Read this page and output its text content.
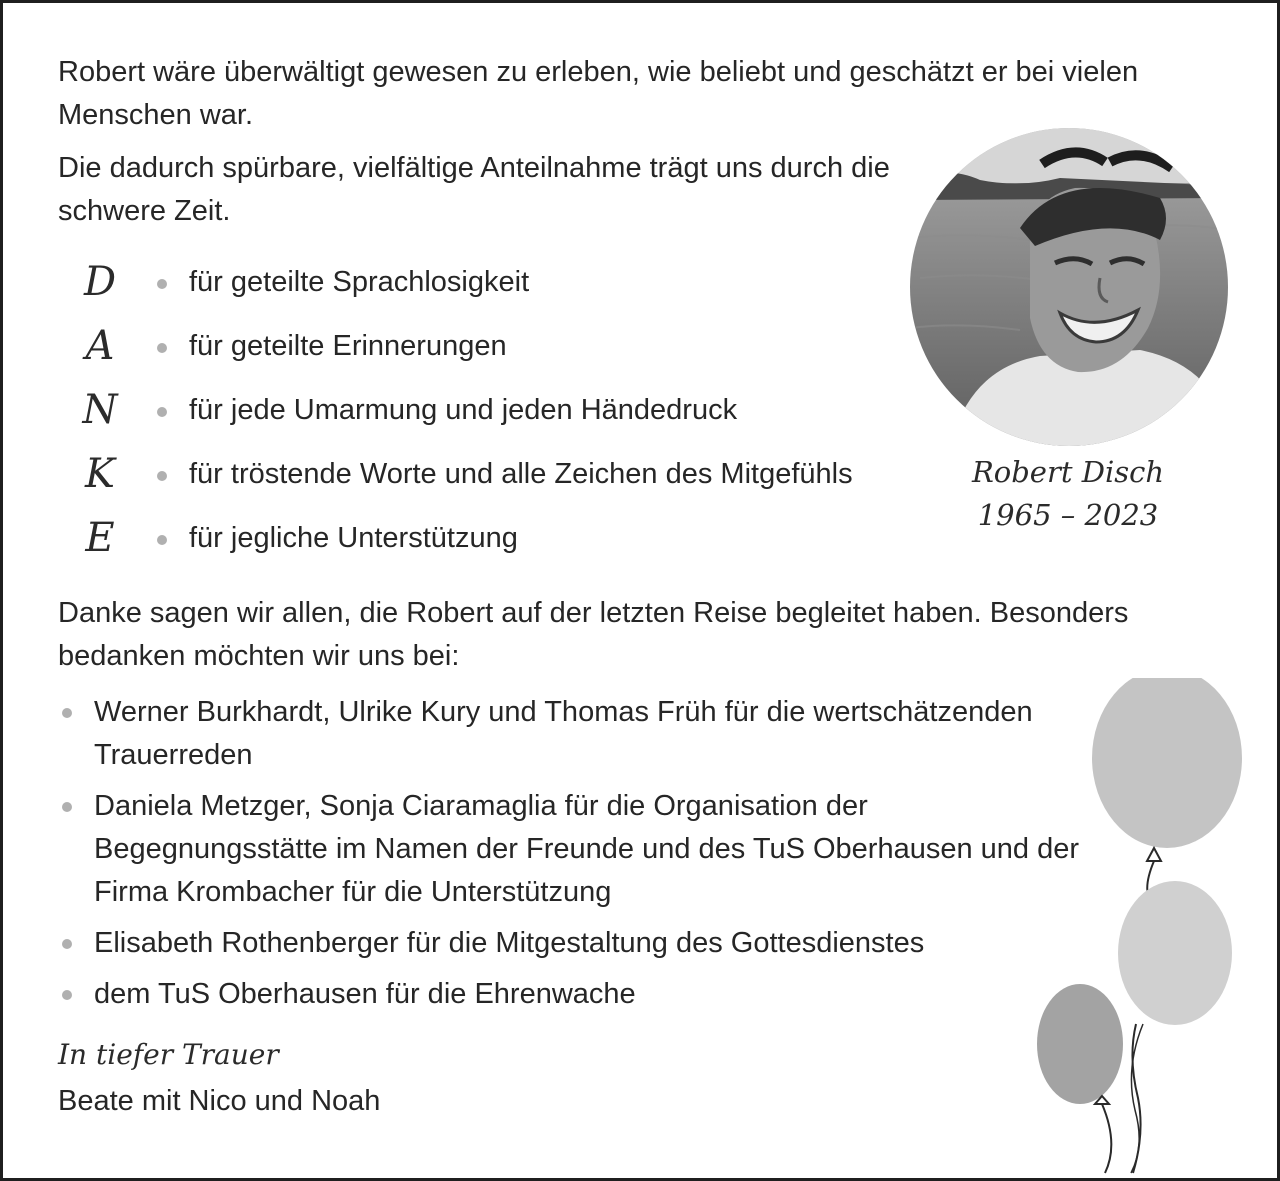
Robert wäre überwältigt gewesen zu erleben, wie beliebt und geschätzt er bei vielen Menschen war.

Die dadurch spürbare, vielfältige Anteilnahme trägt uns durch die schwere Zeit.

D	für geteilte Sprachlosigkeit
A	für geteilte Erinnerungen
N für jede Umarmung und jeden Händedruck
K	für tröstende Worte und alle Zeichen des Mitgefühls
E	für jegliche Unterstützung
Robert Disch
1965 – 2023

Danke sagen wir allen, die Robert auf der letzten Reise begleitet haben. Besonders bedanken möchten wir uns bei:

Werner Burkhardt, Ulrike Kury und Thomas Früh für die wertschätzenden Trauerreden
Daniela Metzger, Sonja Ciaramaglia für die Organisation der Begegnungsstätte im Namen der Freunde und des TuS Oberhausen und der Firma Krombacher für die Unterstützung
Elisabeth Rothenberger für die Mitgestaltung des Gottesdienstes
dem TuS Oberhausen für die Ehrenwache
In tiefer Trauer
Beate mit Nico und Noah
